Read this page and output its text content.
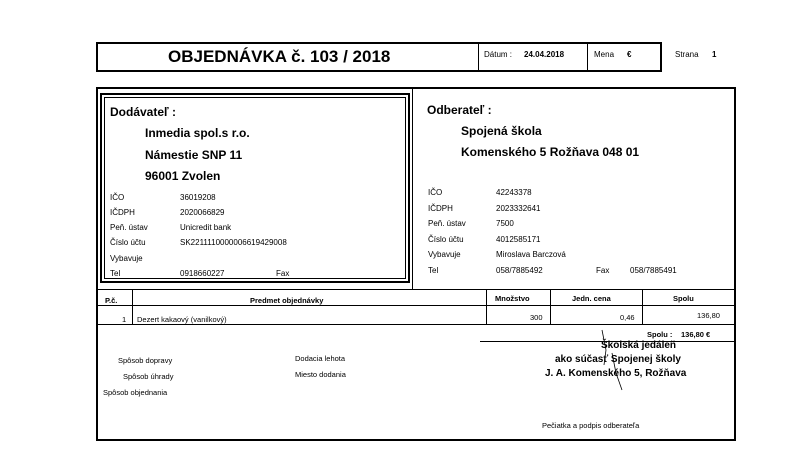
OBJEDNÁVKA č. 103 / 2018	Dátum : 24.04.2018	Mena €	Strana 1
Dodávateľ :
Inmedia spol.s r.o.
Námestie SNP 11
96001 Zvolen
IČO	36019208
IČDPH	2020066829
Peň. ústav	Unicredit bank
Číslo účtu	SK2211110000006619429008
Vybavuje
Tel	0918660227	Fax
Odberateľ :
Spojená škola
Komenského 5 Rožňava 048 01
IČO	42243378
IČDPH	2023332641
Peň. ústav	7500
Číslo účtu	4012585171
Vybavuje	Miroslava Barczová
Tel	058/7885492	Fax	058/7885491
P.č.	Predmet objednávky	Množstvo	Jedn. cena	Spolu
1 Dezert kakaový (vanilkový)	300	0,46	136,80
Spolu : 136,80 €
Spôsob dopravy
Spôsob úhrady
Spôsob objednania
Dodacia lehota
Miesto dodania
Školská jedáleň
ako súčasť Spojenej školy
J. A. Komenského 5, Rožňava
Pečiatka a podpis odberateľa
